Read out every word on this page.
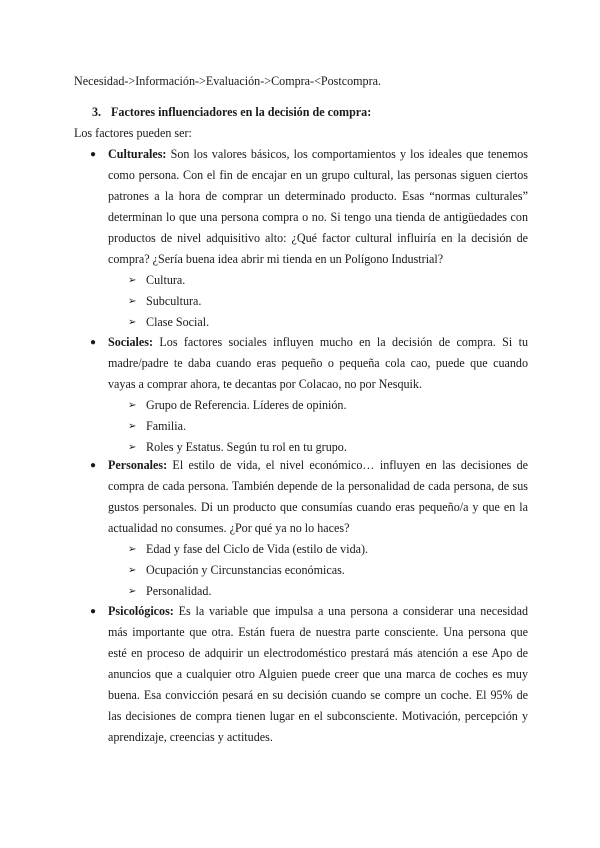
Necesidad->Información->Evaluación->Compra-<Postcompra.
3. Factores influenciadores en la decisión de compra:
Los factores pueden ser:
● Culturales: Son los valores básicos, los comportamientos y los ideales que tenemos como persona. Con el fin de encajar en un grupo cultural, las personas siguen ciertos patrones a la hora de comprar un determinado producto. Esas “normas culturales” determinan lo que una persona compra o no. Si tengo una tienda de antigüedades con productos de nivel adquisitivo alto: ¿Qué factor cultural influiría en la decisión de compra? ¿Sería buena idea abrir mi tienda en un Polígono Industrial?

➢ Cultura.
➢ Subcultura.
➢ Clase Social.
● Sociales: Los factores sociales influyen mucho en la decisión de compra. Si tu madre/padre te daba cuando eras pequeño o pequeña cola cao, puede que cuando vayas a comprar ahora, te decantas por Colacao, no por Nesquik.

➢ Grupo de Referencia. Líderes de opinión.
➢ Familia.
➢ Roles y Estatus. Según tu rol en tu grupo.
● Personales: El estilo de vida, el nivel económico… influyen en las decisiones de compra de cada persona. También depende de la personalidad de cada persona, de sus gustos personales. Di un producto que consumías cuando eras pequeño/a y que en la actualidad no consumes. ¿Por qué ya no lo haces?

➢ Edad y fase del Ciclo de Vida (estilo de vida).
➢ Ocupación y Circunstancias económicas.
➢ Personalidad.
● Psicológicos: Es la variable que impulsa a una persona a considerar una necesidad más importante que otra. Están fuera de nuestra parte consciente. Una persona que esté en proceso de adquirir un electrodoméstico prestará más atención a ese Apo de anuncios que a cualquier otro Alguien puede creer que una marca de coches es muy buena. Esa convicción pesará en su decisión cuando se compre un coche. El 95% de las decisiones de compra tienen lugar en el subconsciente. Motivación, percepción y aprendizaje, creencias y actitudes.
